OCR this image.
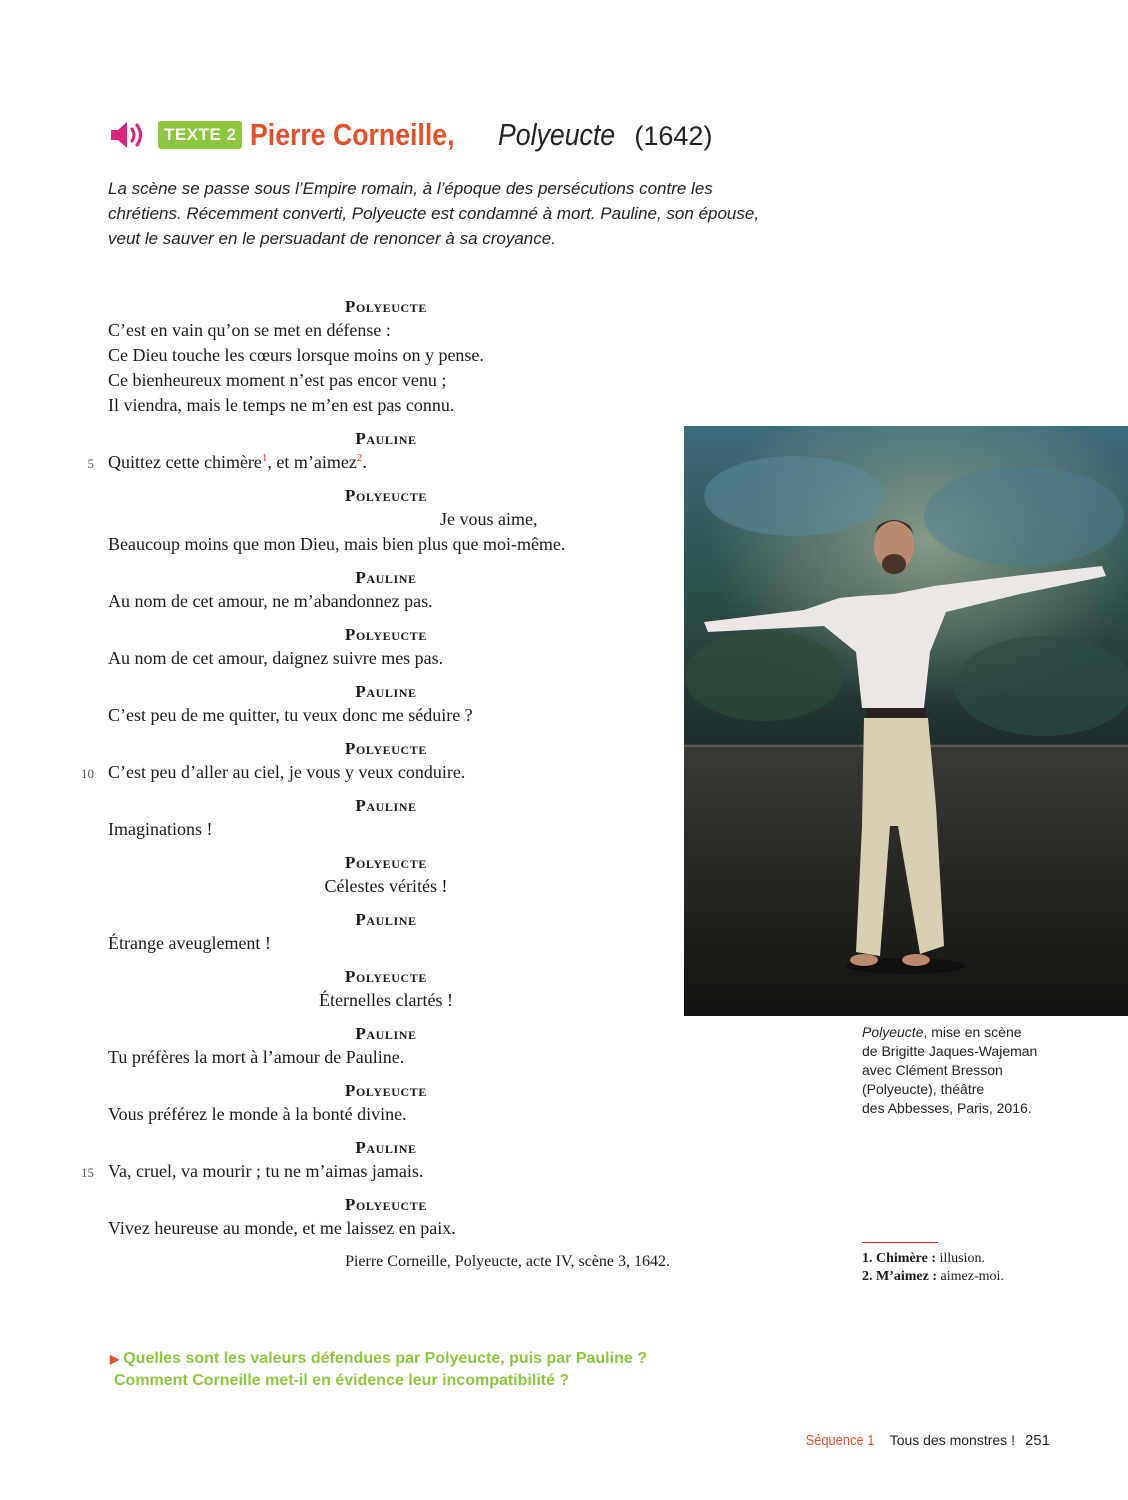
TEXTE 2 Pierre Corneille, Polyeucte (1642)
La scène se passe sous l’Empire romain, à l’époque des persécutions contre les chrétiens. Récemment converti, Polyeucte est condamné à mort. Pauline, son épouse, veut le sauver en le persuadant de renoncer à sa croyance.
Polyeucte
C’est en vain qu’on se met en défense :
Ce Dieu touche les cœurs lorsque moins on y pense.
Ce bienheureux moment n’est pas encor venu ;
Il viendra, mais le temps ne m’en est pas connu.
Pauline
5 Quittez cette chimère$^1$, et m’aimez$^2$.
Polyeucte
Je vous aime,
Beaucoup moins que mon Dieu, mais bien plus que moi-même.
Pauline
Au nom de cet amour, ne m’abandonnez pas.
Polyeucte
Au nom de cet amour, daignez suivre mes pas.
Pauline
C’est peu de me quitter, tu veux donc me séduire ?
Polyeucte
10 C’est peu d’aller au ciel, je vous y veux conduire.
Pauline
Imaginations !
Polyeucte
Célestes vérités !
Pauline
Étrange aveuglement !
Polyeucte
Éternelles clartés !
Pauline
Tu préfères la mort à l’amour de Pauline.
Polyeucte
Vous préférez le monde à la bonté divine.
Pauline
15 Va, cruel, va mourir ; tu ne m’aimas jamais.
Polyeucte
Vivez heureuse au monde, et me laissez en paix.
Pierre Corneille, Polyeucte, acte IV, scène 3, 1642.
▶ Quelles sont les valeurs défendues par Polyeucte, puis par Pauline ?
Comment Corneille met-il en évidence leur incompatibilité ?
Polyeucte, mise en scène
de Brigitte Jaques-Wajeman
avec Clément Bresson
(Polyeucte), théâtre
des Abbesses, Paris, 2016.
1. Chimère : illusion.
2. M’aimez : aimez-moi.
Séquence 1 Tous des monstres ! 251
